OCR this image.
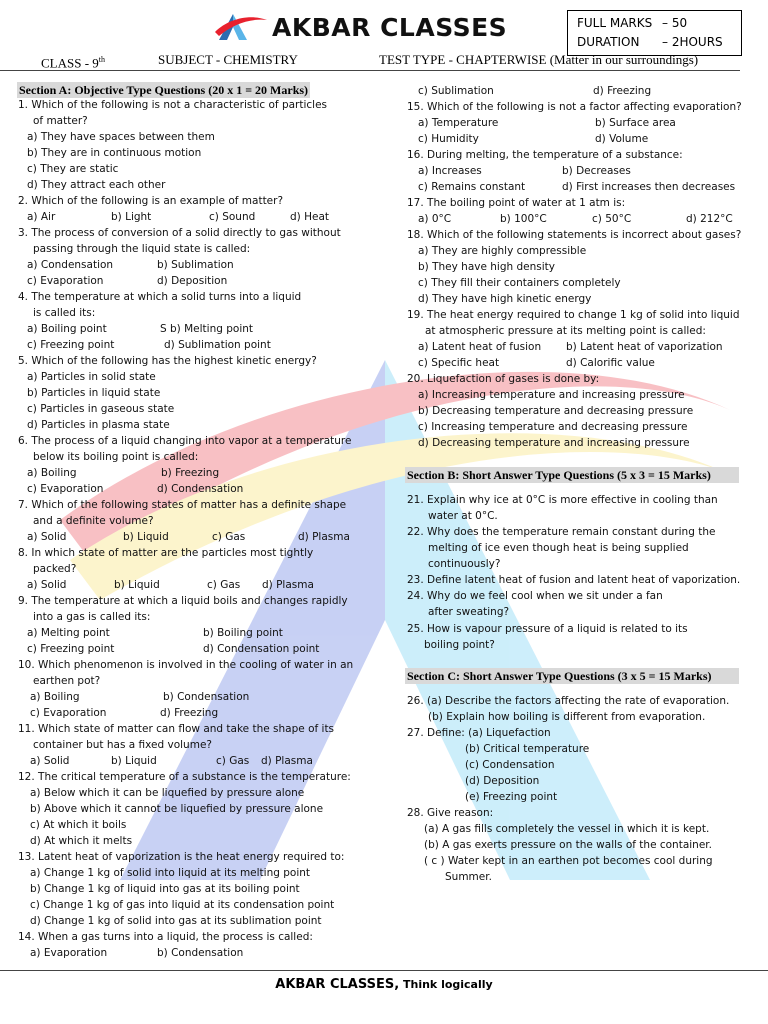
AKBAR CLASSES	FULL MARKS – 50
DURATION – 2HOURS
CLASS - 9th	SUBJECT - CHEMISTRY	TEST TYPE - CHAPTERWISE (Matter in our surroundings)
Section A: Objective Type Questions (20 x 1 = 20 Marks)
1. Which of the following is not a characteristic of particles
of matter?
a) They have spaces between them
b) They are in continuous motion
c) They are static
d) They attract each other
2. Which of the following is an example of matter?
a) Air	b) Light	c) Sound	d) Heat
3. The process of conversion of a solid directly to gas without
passing through the liquid state is called:
a) Condensation	b) Sublimation
c) Evaporation	d) Deposition
4. The temperature at which a solid turns into a liquid
is called its:
a) Boiling point	S b) Melting point
c) Freezing point	d) Sublimation point
5. Which of the following has the highest kinetic energy?
a) Particles in solid state
b) Particles in liquid state
c) Particles in gaseous state
d) Particles in plasma state
6. The process of a liquid changing into vapor at a temperature
below its boiling point is called:
a) Boiling	b) Freezing
c) Evaporation	d) Condensation
7. Which of the following states of matter has a definite shape
and a definite volume?
a) Solid	b) Liquid	c) Gas	d) Plasma
8. In which state of matter are the particles most tightly
packed?
a) Solid	b) Liquid	c) Gas d) Plasma
9. The temperature at which a liquid boils and changes rapidly
into a gas is called its:
a) Melting point	b) Boiling point
c) Freezing point	d) Condensation point
10. Which phenomenon is involved in the cooling of water in an
earthen pot?
a) Boiling	b) Condensation
c) Evaporation	d) Freezing
11. Which state of matter can flow and take the shape of its
container but has a fixed volume?
a) Solid	b) Liquid	c) Gas d) Plasma
12. The critical temperature of a substance is the temperature:
a) Below which it can be liquefied by pressure alone
b) Above which it cannot be liquefied by pressure alone
c) At which it boils
d) At which it melts
13. Latent heat of vaporization is the heat energy required to:
a) Change 1 kg of solid into liquid at its melting point
b) Change 1 kg of liquid into gas at its boiling point
c) Change 1 kg of gas into liquid at its condensation point
d) Change 1 kg of solid into gas at its sublimation point
14. When a gas turns into a liquid, the process is called:
a) Evaporation	b) Condensation
c) Sublimation	d) Freezing
15. Which of the following is not a factor affecting evaporation?
a) Temperature	b) Surface area
c) Humidity	d) Volume
16. During melting, the temperature of a substance:
a) Increases	b) Decreases
c) Remains constant	d) First increases then decreases
17. The boiling point of water at 1 atm is:
a) 0°C	b) 100°C	c) 50°C	d) 212°C
18. Which of the following statements is incorrect about gases?
a) They are highly compressible
b) They have high density
c) They fill their containers completely
d) They have high kinetic energy
19. The heat energy required to change 1 kg of solid into liquid
at atmospheric pressure at its melting point is called:
a) Latent heat of fusion b) Latent heat of vaporization
c) Specific heat	d) Calorific value
20. Liquefaction of gases is done by:
a) Increasing temperature and increasing pressure
b) Decreasing temperature and decreasing pressure
c) Increasing temperature and decreasing pressure
d) Decreasing temperature and increasing pressure
Section B: Short Answer Type Questions (5 x 3 = 15 Marks)
21. Explain why ice at 0°C is more effective in cooling than
water at 0°C.
22. Why does the temperature remain constant during the
melting of ice even though heat is being supplied
continuously?
23. Define latent heat of fusion and latent heat of vaporization.
24. Why do we feel cool when we sit under a fan
after sweating?
25. How is vapour pressure of a liquid is related to its
boiling point?
Section C: Short Answer Type Questions (3 x 5 = 15 Marks)
26. (a) Describe the factors affecting the rate of evaporation.
(b) Explain how boiling is different from evaporation.
27. Define: (a) Liquefaction
(b) Critical temperature
(c) Condensation
(d) Deposition
(e) Freezing point
28. Give reason:
(a) A gas fills completely the vessel in which it is kept.
(b) A gas exerts pressure on the walls of the container.
( c ) Water kept in an earthen pot becomes cool during
Summer.
AKBAR CLASSES, Think logically
